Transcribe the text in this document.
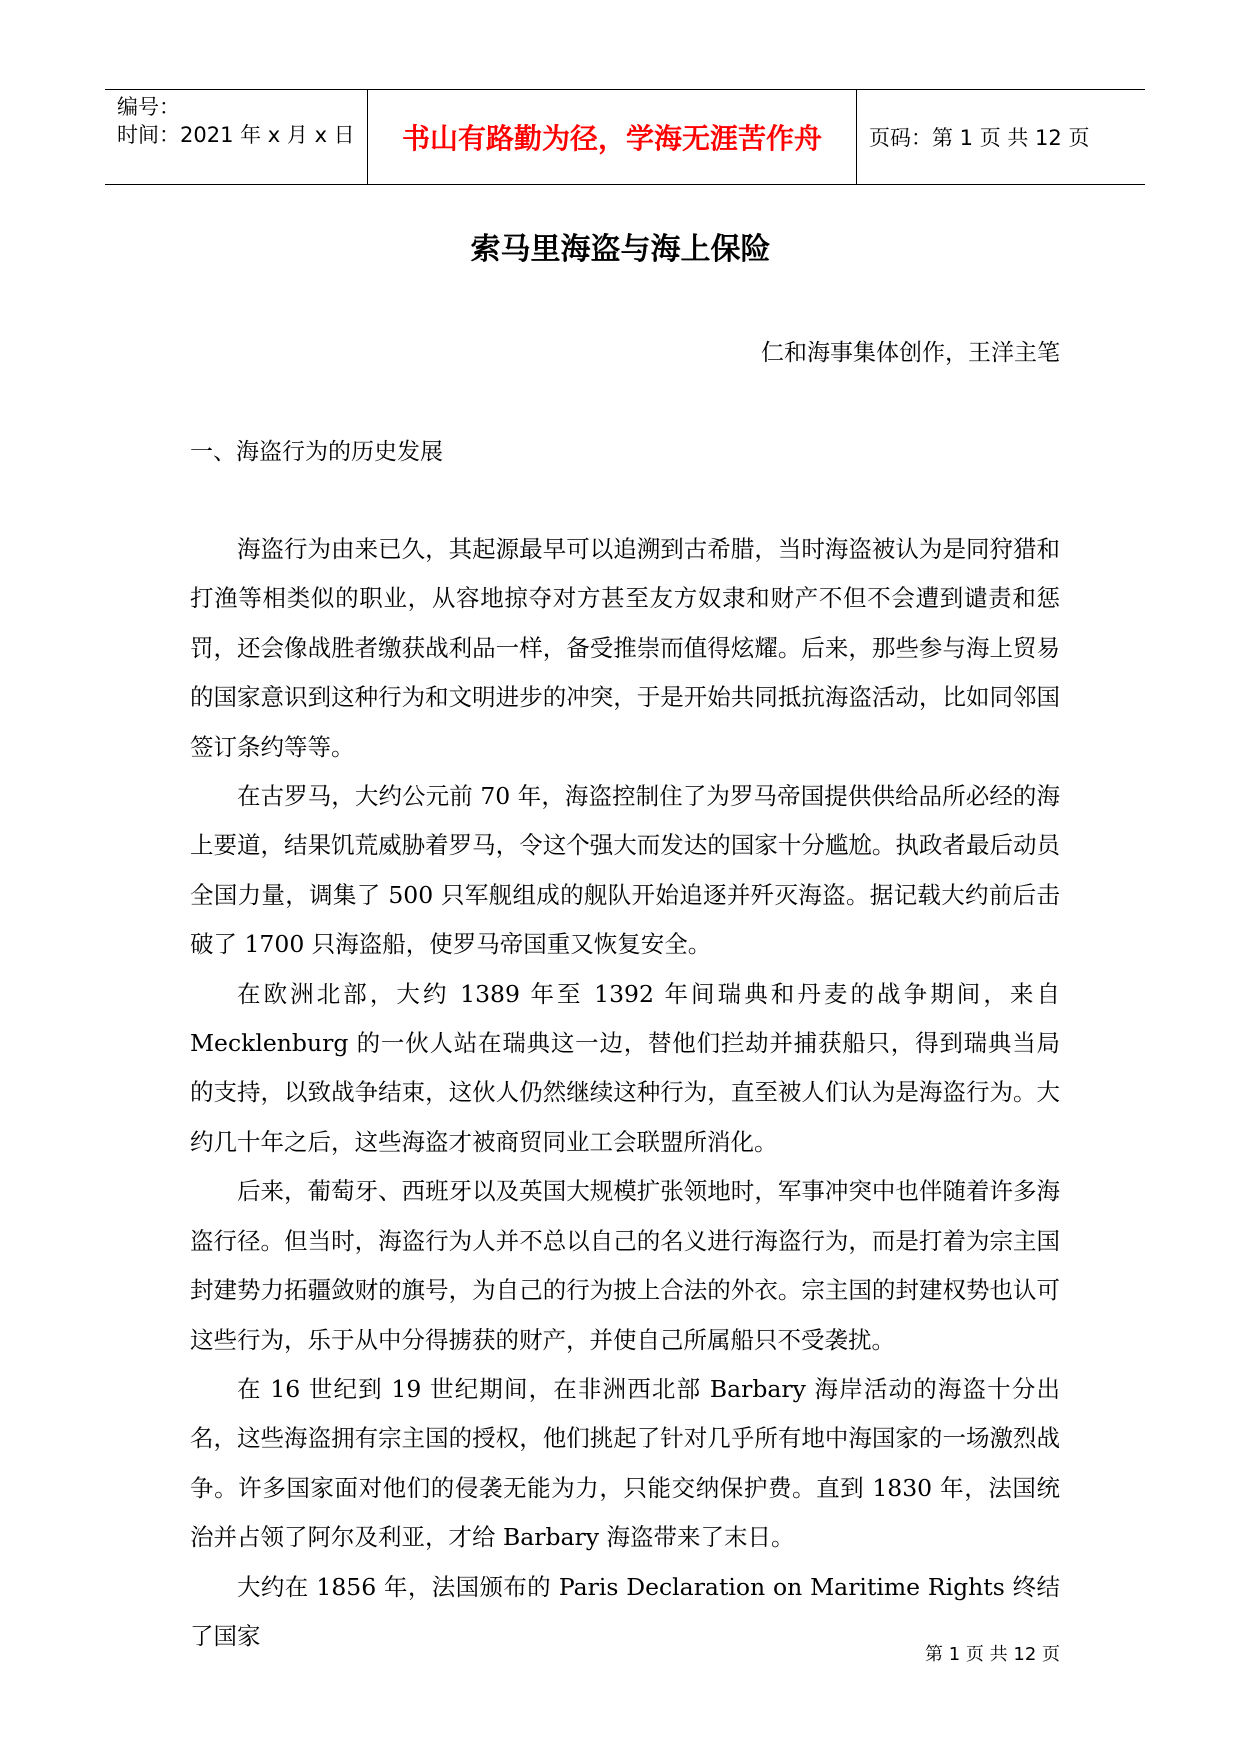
编号：
时间：2021 年 x 月 x 日	书山有路勤为径，学海无涯苦作舟	页码：第 1 页 共 12 页
索马里海盗与海上保险
仁和海事集体创作，王洋主笔
一、海盗行为的历史发展

海盗行为由来已久，其起源最早可以追溯到古希腊，当时海盗被认为是同狩猎和打渔等相类似的职业，从容地掠夺对方甚至友方奴隶和财产不但不会遭到谴责和惩罚，还会像战胜者缴获战利品一样，备受推崇而值得炫耀。后来，那些参与海上贸易的国家意识到这种行为和文明进步的冲突，于是开始共同抵抗海盗活动，比如同邻国签订条约等等。

在古罗马，大约公元前 70 年，海盗控制住了为罗马帝国提供供给品所必经的海上要道，结果饥荒威胁着罗马，令这个强大而发达的国家十分尴尬。执政者最后动员全国力量，调集了 500 只军舰组成的舰队开始追逐并歼灭海盗。据记载大约前后击破了 1700 只海盗船，使罗马帝国重又恢复安全。

在欧洲北部，大约 1389 年至 1392 年间瑞典和丹麦的战争期间，来自 Mecklenburg 的一伙人站在瑞典这一边，替他们拦劫并捕获船只，得到瑞典当局的支持，以致战争结束，这伙人仍然继续这种行为，直至被人们认为是海盗行为。大约几十年之后，这些海盗才被商贸同业工会联盟所消化。

后来，葡萄牙、西班牙以及英国大规模扩张领地时，军事冲突中也伴随着许多海盗行径。但当时，海盗行为人并不总以自己的名义进行海盗行为，而是打着为宗主国封建势力拓疆敛财的旗号，为自己的行为披上合法的外衣。宗主国的封建权势也认可这些行为，乐于从中分得掳获的财产，并使自己所属船只不受袭扰。

在 16 世纪到 19 世纪期间，在非洲西北部 Barbary 海岸活动的海盗十分出名，这些海盗拥有宗主国的授权，他们挑起了针对几乎所有地中海国家的一场激烈战争。许多国家面对他们的侵袭无能为力，只能交纳保护费。直到 1830 年，法国统治并占领了阿尔及利亚，才给 Barbary 海盗带来了末日。

大约在 1856 年，法国颁布的 Paris Declaration on Maritime Rights 终结了国家

第 1 页 共 12 页
